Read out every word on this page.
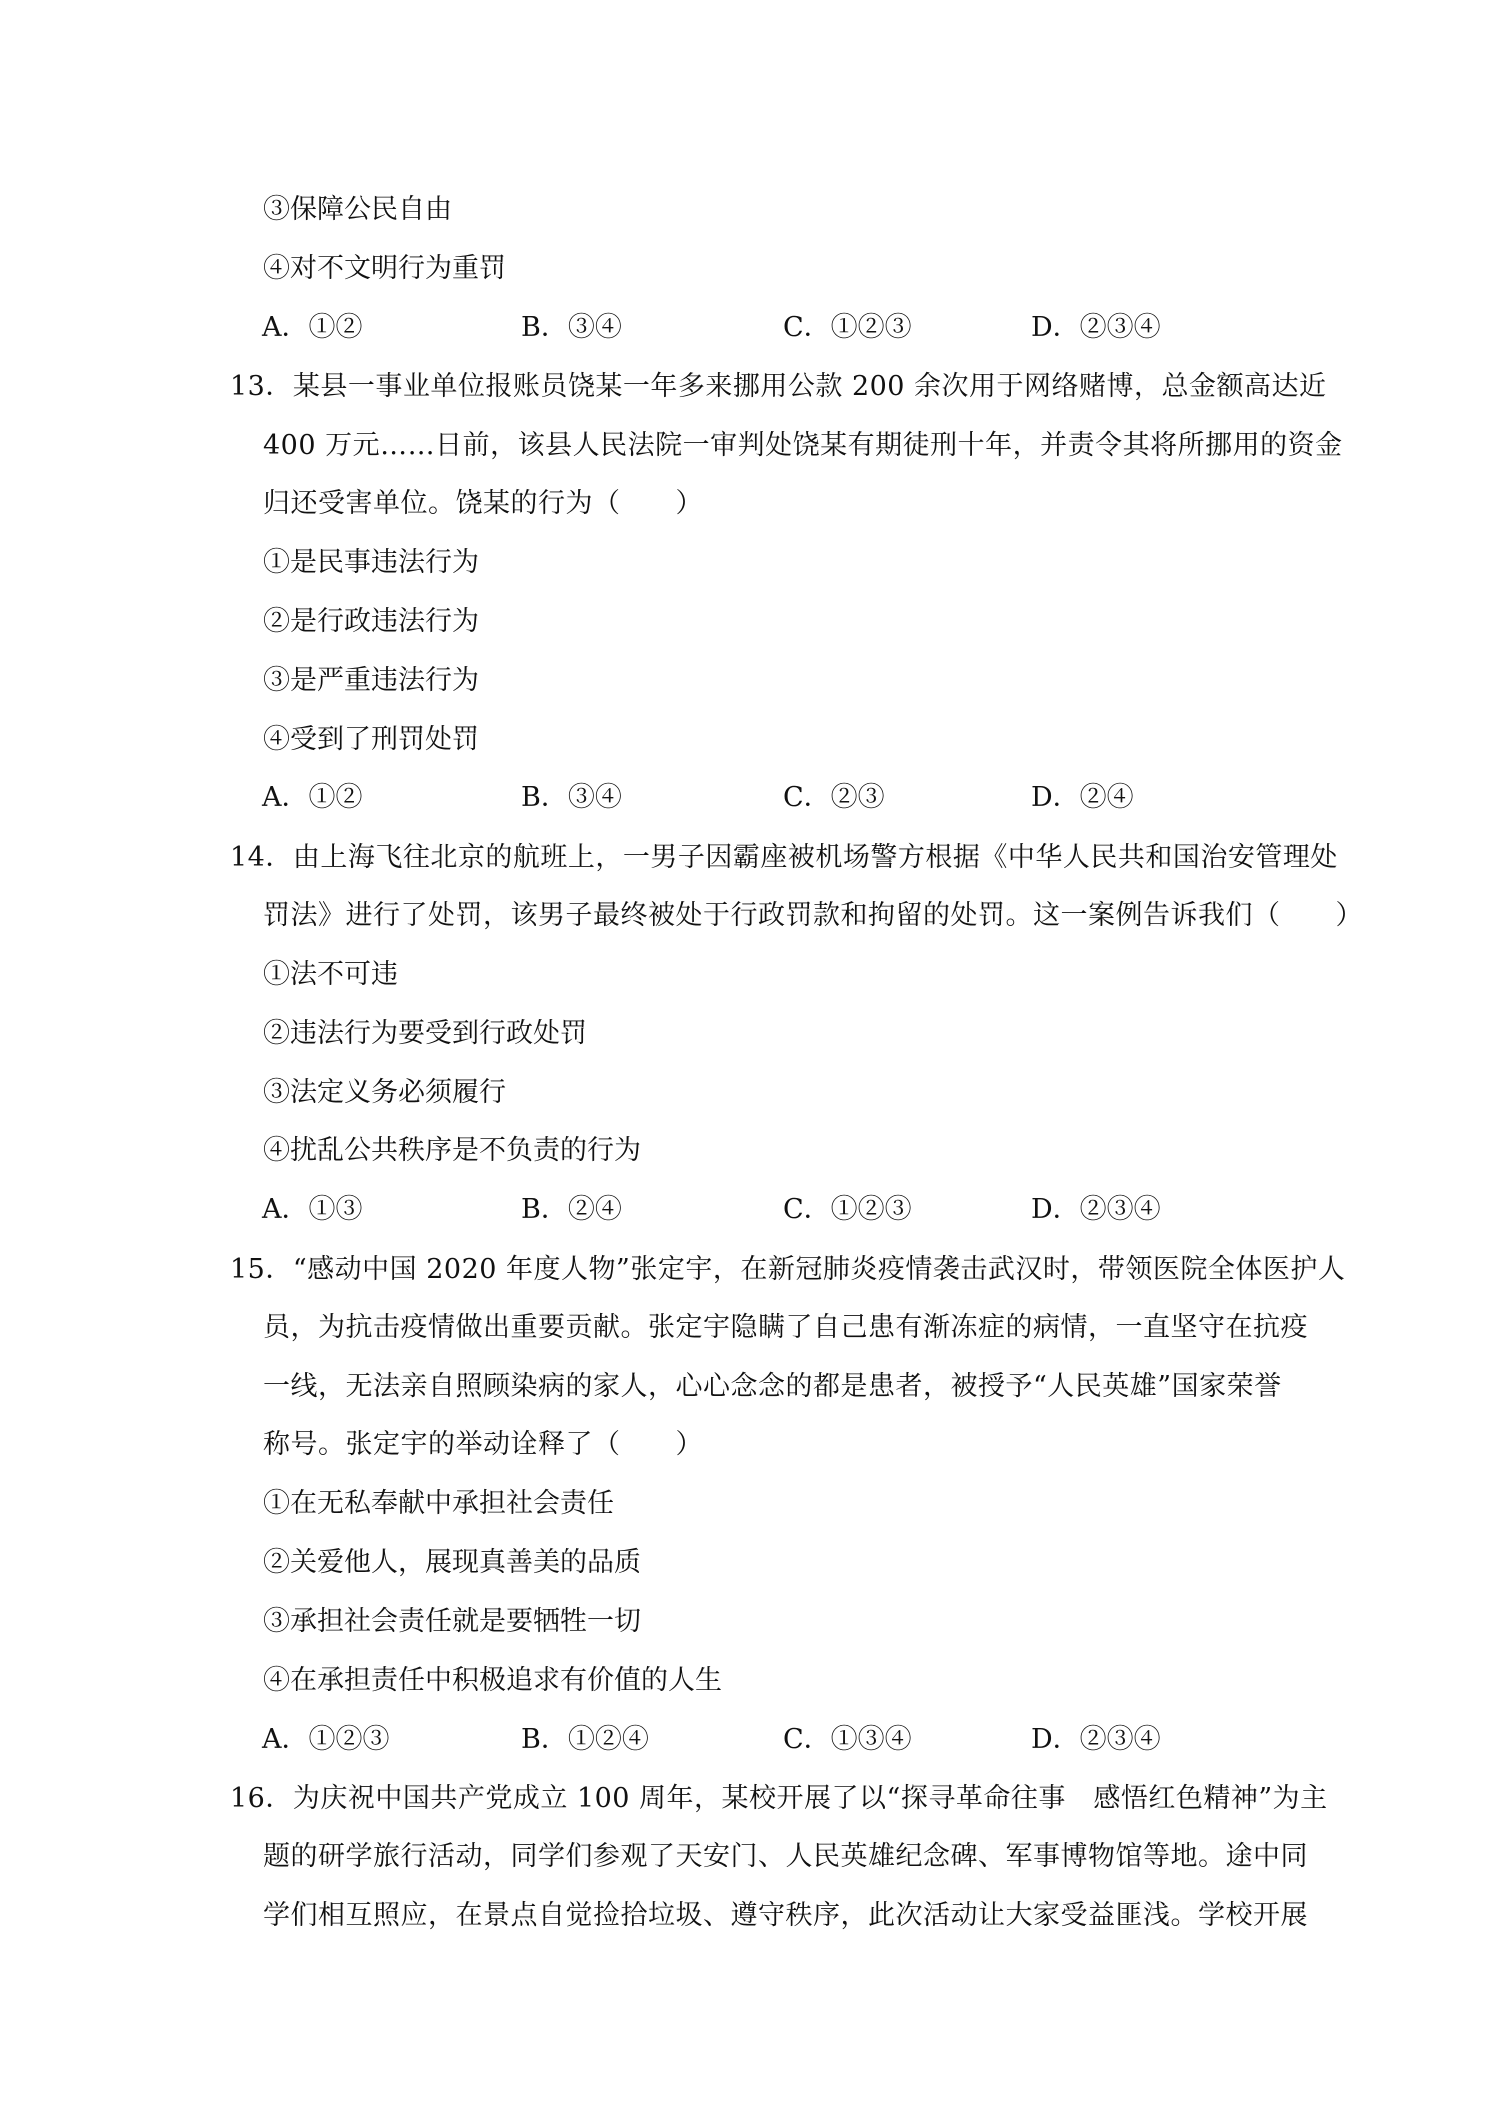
③保障公民自由
④对不文明行为重罚
A．①②	B．③④	C．①②③	D．②③④
13．某县一事业单位报账员饶某一年多来挪用公款 200 余次用于网络赌博，总金额高达近
400 万元……日前，该县人民法院一审判处饶某有期徒刑十年，并责令其将所挪用的资金
归还受害单位。饶某的行为（　　）
①是民事违法行为
②是行政违法行为
③是严重违法行为
④受到了刑罚处罚
A．①②	B．③④	C．②③	D．②④
14．由上海飞往北京的航班上，一男子因霸座被机场警方根据《中华人民共和国治安管理处
罚法》进行了处罚，该男子最终被处于行政罚款和拘留的处罚。这一案例告诉我们（　　）
①法不可违
②违法行为要受到行政处罚
③法定义务必须履行
④扰乱公共秩序是不负责的行为
A．①③	B．②④	C．①②③	D．②③④
15．“感动中国 2020 年度人物”张定宇，在新冠肺炎疫情袭击武汉时，带领医院全体医护人
员，为抗击疫情做出重要贡献。张定宇隐瞒了自己患有渐冻症的病情，一直坚守在抗疫
一线，无法亲自照顾染病的家人，心心念念的都是患者，被授予“人民英雄”国家荣誉
称号。张定宇的举动诠释了（　　）
①在无私奉献中承担社会责任
②关爱他人，展现真善美的品质
③承担社会责任就是要牺牲一切
④在承担责任中积极追求有价值的人生
A．①②③	B．①②④	C．①③④	D．②③④
16．为庆祝中国共产党成立 100 周年，某校开展了以“探寻革命往事　感悟红色精神”为主
题的研学旅行活动，同学们参观了天安门、人民英雄纪念碑、军事博物馆等地。途中同
学们相互照应，在景点自觉捡拾垃圾、遵守秩序，此次活动让大家受益匪浅。学校开展
